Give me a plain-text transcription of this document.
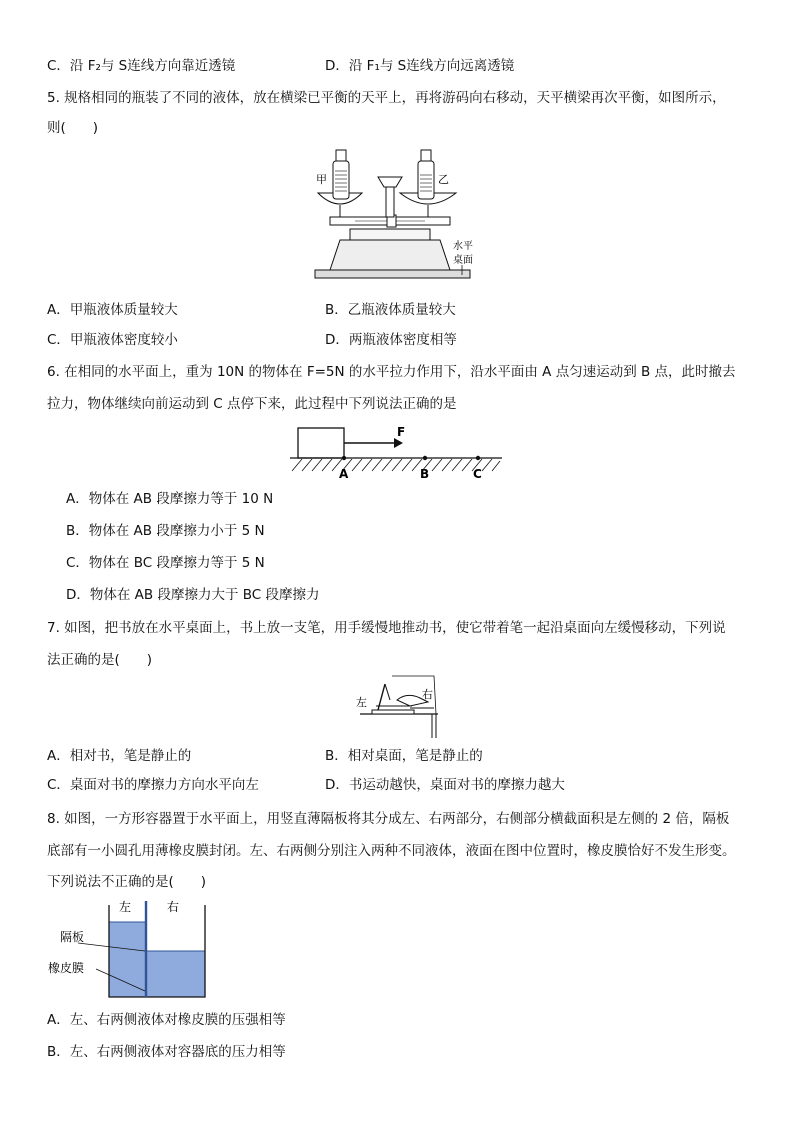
C．沿 F₂与 S连线方向靠近透镜	D．沿 F₁与 S连线方向远离透镜
5. 规格相同的瓶装了不同的液体，放在横梁已平衡的天平上，再将游码向右移动，天平横梁再次平衡，如图所示，
则(　　)
甲	乙
水平
桌面
A．甲瓶液体质量较大	B．乙瓶液体质量较大
C．甲瓶液体密度较小	D．两瓶液体密度相等
6. 在相同的水平面上，重为 10N 的物体在 F=5N 的水平拉力作用下，沿水平面由 A 点匀速运动到 B 点，此时撤去
拉力，物体继续向前运动到 C 点停下来，此过程中下列说法正确的是
F
A	B	C
A．物体在 AB 段摩擦力等于 10 N
B．物体在 AB 段摩擦力小于 5 N
C．物体在 BC 段摩擦力等于 5 N
D．物体在 AB 段摩擦力大于 BC 段摩擦力
7. 如图，把书放在水平桌面上，书上放一支笔，用手缓慢地推动书，使它带着笔一起沿桌面向左缓慢移动，下列说
法正确的是(　　)
左
右
A．相对书，笔是静止的	B．相对桌面，笔是静止的
C．桌面对书的摩擦力方向水平向左	D．书运动越快，桌面对书的摩擦力越大
8. 如图，一方形容器置于水平面上，用竖直薄隔板将其分成左、右两部分，右侧部分横截面积是左侧的 2 倍，隔板
底部有一小圆孔用薄橡皮膜封闭。左、右两侧分别注入两种不同液体，液面在图中位置时，橡皮膜恰好不发生形变。
下列说法不正确的是(　　)
左	右
隔板
橡皮膜
A．左、右两侧液体对橡皮膜的压强相等
B．左、右两侧液体对容器底的压力相等
